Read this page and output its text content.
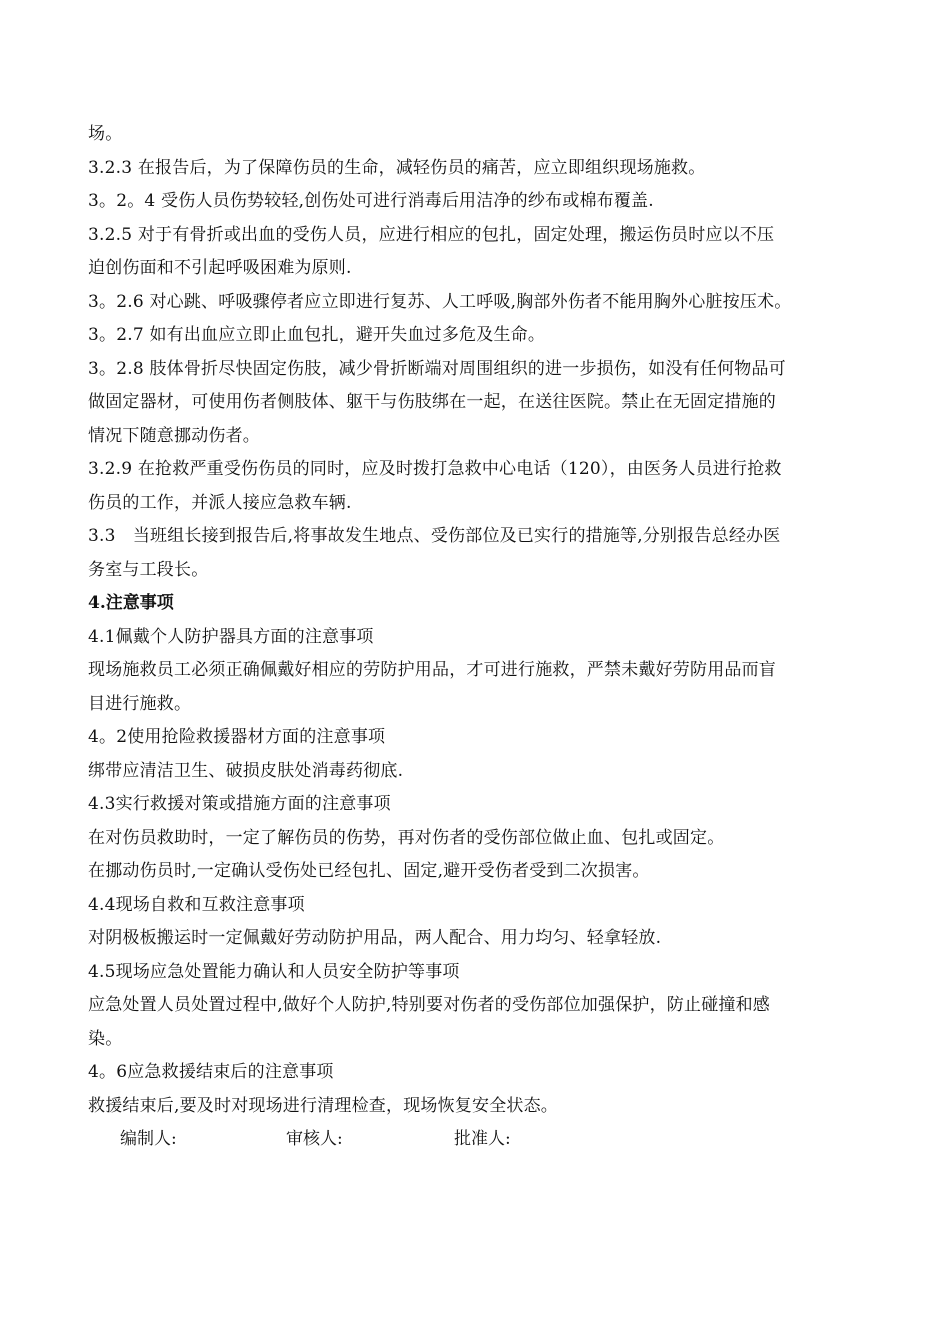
场。
3.2.3 在报告后，为了保障伤员的生命，减轻伤员的痛苦，应立即组织现场施救。
3。2。4 受伤人员伤势较轻,创伤处可进行消毒后用洁净的纱布或棉布覆盖.
3.2.5 对于有骨折或出血的受伤人员，应进行相应的包扎，固定处理，搬运伤员时应以不压
迫创伤面和不引起呼吸困难为原则.
3。2.6 对心跳、呼吸骤停者应立即进行复苏、人工呼吸,胸部外伤者不能用胸外心脏按压术。
3。2.7 如有出血应立即止血包扎，避开失血过多危及生命。
3。2.8 肢体骨折尽快固定伤肢，减少骨折断端对周围组织的进一步损伤，如没有任何物品可
做固定器材，可使用伤者侧肢体、躯干与伤肢绑在一起，在送往医院。禁止在无固定措施的
情况下随意挪动伤者。
3.2.9 在抢救严重受伤伤员的同时，应及时拨打急救中心电话（120），由医务人员进行抢救
伤员的工作，并派人接应急救车辆.
3.3　当班组长接到报告后,将事故发生地点、受伤部位及已实行的措施等,分别报告总经办医
务室与工段长。
4.注意事项
4.1佩戴个人防护器具方面的注意事项
现场施救员工必须正确佩戴好相应的劳防护用品，才可进行施救，严禁未戴好劳防用品而盲
目进行施救。
4。2使用抢险救援器材方面的注意事项
绑带应清洁卫生、破损皮肤处消毒药彻底.
4.3实行救援对策或措施方面的注意事项
在对伤员救助时，一定了解伤员的伤势，再对伤者的受伤部位做止血、包扎或固定。
在挪动伤员时,一定确认受伤处已经包扎、固定,避开受伤者受到二次损害。
4.4现场自救和互救注意事项
对阴极板搬运时一定佩戴好劳动防护用品，两人配合、用力均匀、轻拿轻放.
4.5现场应急处置能力确认和人员安全防护等事项
应急处置人员处置过程中,做好个人防护,特别要对伤者的受伤部位加强保护，防止碰撞和感
染。
4。6应急救援结束后的注意事项
救援结束后,要及时对现场进行清理检查，现场恢复安全状态。
编制人:	审核人:	批准人:
